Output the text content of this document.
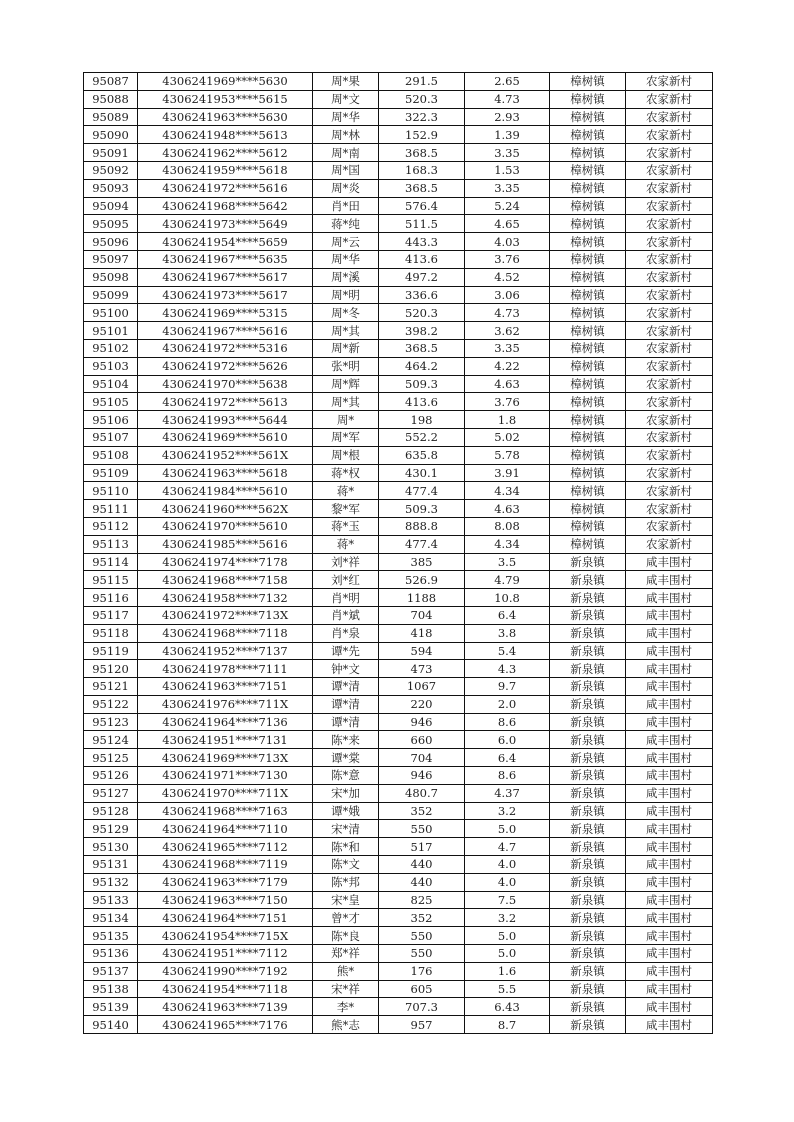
95087	4306241969****5630	周*果	291.5	2.65	樟树镇	农家新村
95088	4306241953****5615	周*文	520.3	4.73	樟树镇	农家新村
95089	4306241963****5630	周*华	322.3	2.93	樟树镇	农家新村
95090	4306241948****5613	周*林	152.9	1.39	樟树镇	农家新村
95091	4306241962****5612	周*南	368.5	3.35	樟树镇	农家新村
95092	4306241959****5618	周*国	168.3	1.53	樟树镇	农家新村
95093	4306241972****5616	周*炎	368.5	3.35	樟树镇	农家新村
95094	4306241968****5642	肖*田	576.4	5.24	樟树镇	农家新村
95095	4306241973****5649	蒋*纯	511.5	4.65	樟树镇	农家新村
95096	4306241954****5659	周*云	443.3	4.03	樟树镇	农家新村
95097	4306241967****5635	周*华	413.6	3.76	樟树镇	农家新村
95098	4306241967****5617	周*溪	497.2	4.52	樟树镇	农家新村
95099	4306241973****5617	周*明	336.6	3.06	樟树镇	农家新村
95100	4306241969****5315	周*冬	520.3	4.73	樟树镇	农家新村
95101	4306241967****5616	周*其	398.2	3.62	樟树镇	农家新村
95102	4306241972****5316	周*新	368.5	3.35	樟树镇	农家新村
95103	4306241972****5626	张*明	464.2	4.22	樟树镇	农家新村
95104	4306241970****5638	周*辉	509.3	4.63	樟树镇	农家新村
95105	4306241972****5613	周*其	413.6	3.76	樟树镇	农家新村
95106	4306241993****5644	周*	198	1.8	樟树镇	农家新村
95107	4306241969****5610	周*军	552.2	5.02	樟树镇	农家新村
95108	4306241952****561X	周*根	635.8	5.78	樟树镇	农家新村
95109	4306241963****5618	蒋*权	430.1	3.91	樟树镇	农家新村
95110	4306241984****5610	蒋*	477.4	4.34	樟树镇	农家新村
95111	4306241960****562X	黎*军	509.3	4.63	樟树镇	农家新村
95112	4306241970****5610	蒋*玉	888.8	8.08	樟树镇	农家新村
95113	4306241985****5616	蒋*	477.4	4.34	樟树镇	农家新村
95114	4306241974****7178	刘*祥	385	3.5	新泉镇	咸丰围村
95115	4306241968****7158	刘*红	526.9	4.79	新泉镇	咸丰围村
95116	4306241958****7132	肖*明	1188	10.8	新泉镇	咸丰围村
95117	4306241972****713X	肖*斌	704	6.4	新泉镇	咸丰围村
95118	4306241968****7118	肖*泉	418	3.8	新泉镇	咸丰围村
95119	4306241952****7137	谭*先	594	5.4	新泉镇	咸丰围村
95120	4306241978****7111	钟*文	473	4.3	新泉镇	咸丰围村
95121	4306241963****7151	谭*清	1067	9.7	新泉镇	咸丰围村
95122	4306241976****711X	谭*清	220	2.0	新泉镇	咸丰围村
95123	4306241964****7136	谭*清	946	8.6	新泉镇	咸丰围村
95124	4306241951****7131	陈*来	660	6.0	新泉镇	咸丰围村
95125	4306241969****713X	谭*棠	704	6.4	新泉镇	咸丰围村
95126	4306241971****7130	陈*意	946	8.6	新泉镇	咸丰围村
95127	4306241970****711X	宋*加	480.7	4.37	新泉镇	咸丰围村
95128	4306241968****7163	谭*娥	352	3.2	新泉镇	咸丰围村
95129	4306241964****7110	宋*清	550	5.0	新泉镇	咸丰围村
95130	4306241965****7112	陈*和	517	4.7	新泉镇	咸丰围村
95131	4306241968****7119	陈*文	440	4.0	新泉镇	咸丰围村
95132	4306241963****7179	陈*邦	440	4.0	新泉镇	咸丰围村
95133	4306241963****7150	宋*皇	825	7.5	新泉镇	咸丰围村
95134	4306241964****7151	曾*才	352	3.2	新泉镇	咸丰围村
95135	4306241954****715X	陈*良	550	5.0	新泉镇	咸丰围村
95136	4306241951****7112	郑*祥	550	5.0	新泉镇	咸丰围村
95137	4306241990****7192	熊*	176	1.6	新泉镇	咸丰围村
95138	4306241954****7118	宋*祥	605	5.5	新泉镇	咸丰围村
95139	4306241963****7139	李*	707.3	6.43	新泉镇	咸丰围村
95140	4306241965****7176	熊*志	957	8.7	新泉镇	咸丰围村
